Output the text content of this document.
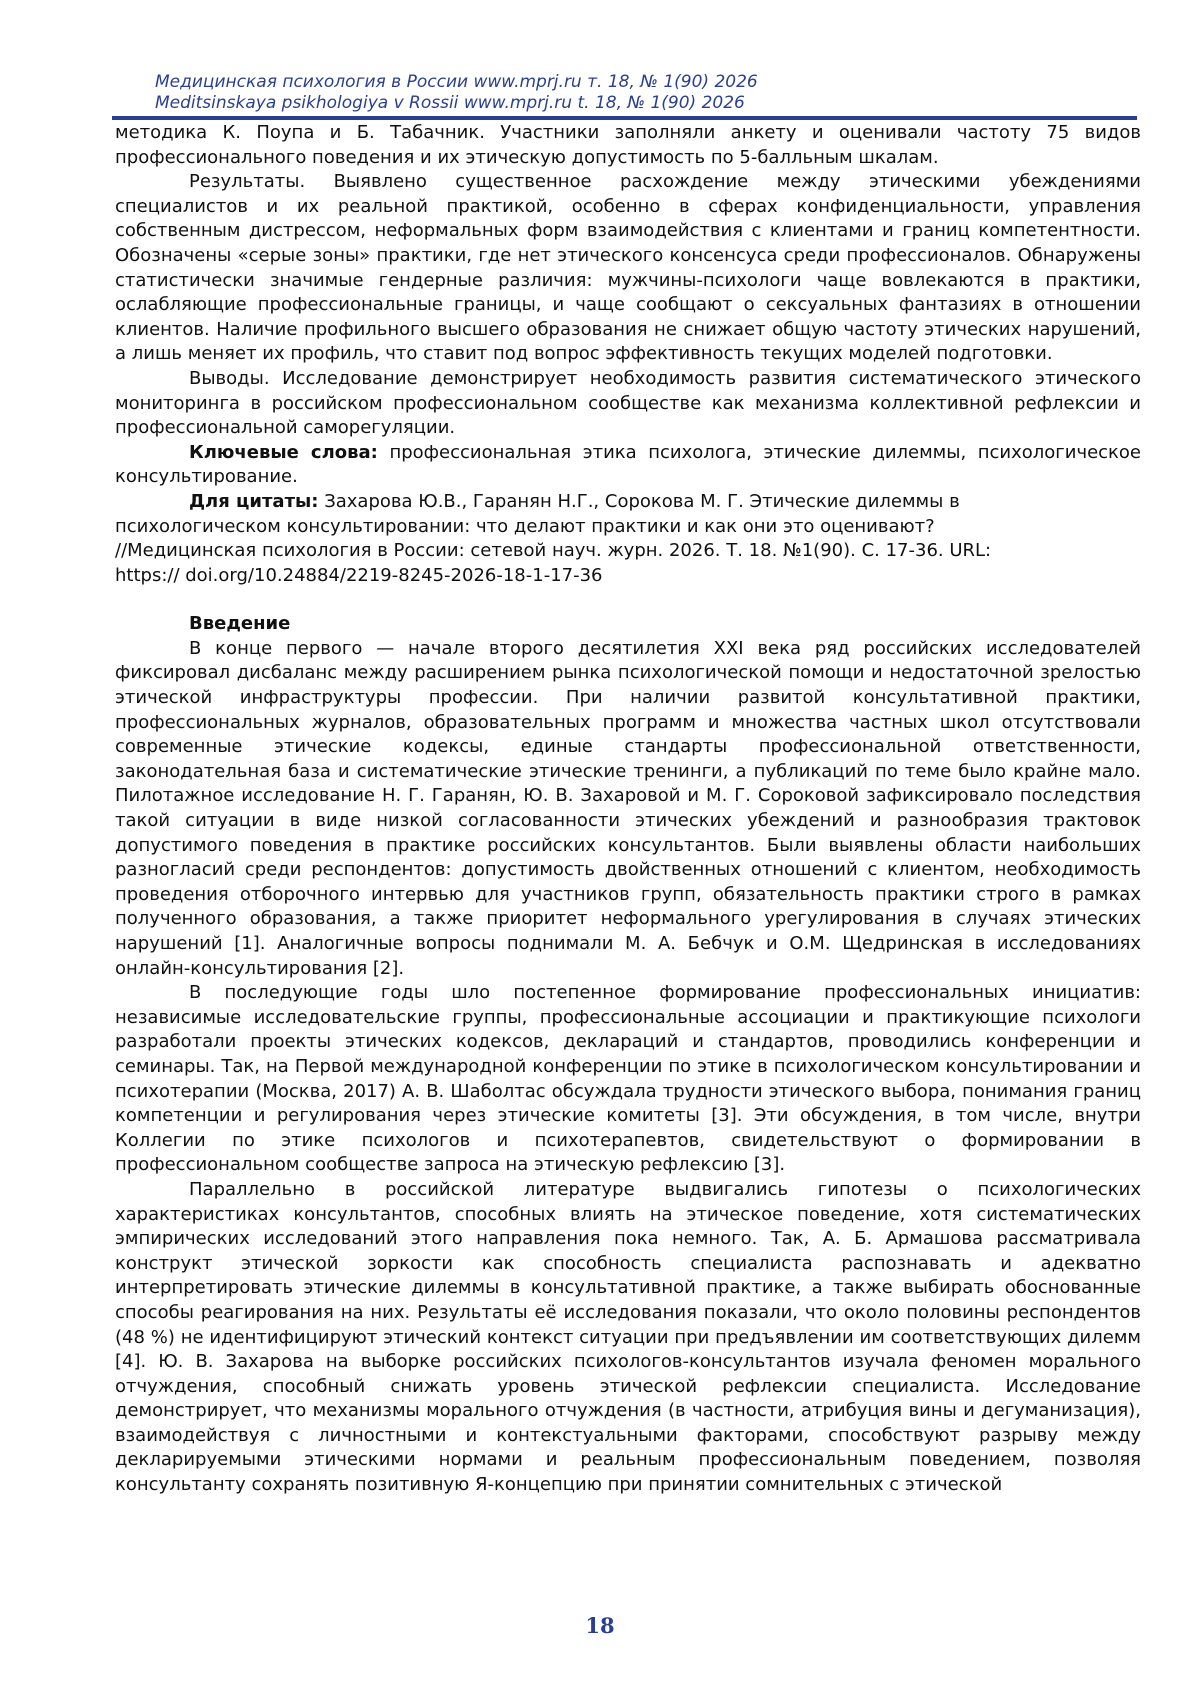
Медицинская психология в России www.mprj.ru т. 18, № 1(90) 2026
Meditsinskaya psikhologiya v Rossii www.mprj.ru t. 18, № 1(90) 2026

методика К. Поупа и Б. Табачник. Участники заполняли анкету и оценивали частоту 75 видов профессионального поведения и их этическую допустимость по 5-балльным шкалам.

Результаты. Выявлено существенное расхождение между этическими убеждениями специалистов и их реальной практикой, особенно в сферах конфиденциальности, управления собственным дистрессом, неформальных форм взаимодействия с клиентами и границ компетентности. Обозначены «серые зоны» практики, где нет этического консенсуса среди профессионалов. Обнаружены статистически значимые гендерные различия: мужчины-психологи чаще вовлекаются в практики, ослабляющие профессиональные границы, и чаще сообщают о сексуальных фантазиях в отношении клиентов. Наличие профильного высшего образования не снижает общую частоту этических нарушений, а лишь меняет их профиль, что ставит под вопрос эффективность текущих моделей подготовки.

Выводы. Исследование демонстрирует необходимость развития систематического этического мониторинга в российском профессиональном сообществе как механизма коллективной рефлексии и профессиональной саморегуляции.

Ключевые слова: профессиональная этика психолога, этические дилеммы, психологическое консультирование.

Для цитаты: Захарова Ю.В., Гаранян Н.Г., Сорокова М. Г. Этические дилеммы в
психологическом консультировании: что делают практики и как они это оценивают?
//Медицинская психология в России: сетевой науч. журн. 2026. Т. 18. №1(90). С. 17-36. URL:
https:// doi.org/10.24884/2219-8245-2026-18-1-17-36

Введение

В конце первого — начале второго десятилетия XXI века ряд российских исследователей фиксировал дисбаланс между расширением рынка психологической помощи и недостаточной зрелостью этической инфраструктуры профессии. При наличии развитой консультативной практики, профессиональных журналов, образовательных программ и множества частных школ отсутствовали современные этические кодексы, единые стандарты профессиональной ответственности, законодательная база и систематические этические тренинги, а публикаций по теме было крайне мало. Пилотажное исследование Н. Г. Гаранян, Ю. В. Захаровой и М. Г. Сороковой зафиксировало последствия такой ситуации в виде низкой согласованности этических убеждений и разнообразия трактовок допустимого поведения в практике российских консультантов. Были выявлены области наибольших разногласий среди респондентов: допустимость двойственных отношений с клиентом, необходимость проведения отборочного интервью для участников групп, обязательность практики строго в рамках полученного образования, а также приоритет неформального урегулирования в случаях этических нарушений [1]. Аналогичные вопросы поднимали М. А. Бебчук и О.М. Щедринская в исследованиях онлайн-консультирования [2].

В последующие годы шло постепенное формирование профессиональных инициатив: независимые исследовательские группы, профессиональные ассоциации и практикующие психологи разработали проекты этических кодексов, деклараций и стандартов, проводились конференции и семинары. Так, на Первой международной конференции по этике в психологическом консультировании и психотерапии (Москва, 2017) А. В. Шаболтас обсуждала трудности этического выбора, понимания границ компетенции и регулирования через этические комитеты [3]. Эти обсуждения, в том числе, внутри Коллегии по этике психологов и психотерапевтов, свидетельствуют о формировании в профессиональном сообществе запроса на этическую рефлексию [3].

Параллельно в российской литературе выдвигались гипотезы о психологических характеристиках консультантов, способных влиять на этическое поведение, хотя систематических эмпирических исследований этого направления пока немного. Так, А. Б. Армашова рассматривала конструкт этической зоркости как способность специалиста распознавать и адекватно интерпретировать этические дилеммы в консультативной практике, а также выбирать обоснованные способы реагирования на них. Результаты её исследования показали, что около половины респондентов (48 %) не идентифицируют этический контекст ситуации при предъявлении им соответствующих дилемм [4]. Ю. В. Захарова на выборке российских психологов-консультантов изучала феномен морального отчуждения, способный снижать уровень этической рефлексии специалиста. Исследование демонстрирует, что механизмы морального отчуждения (в частности, атрибуция вины и дегуманизация), взаимодействуя с личностными и контекстуальными факторами, способствуют разрыву между декларируемыми этическими нормами и реальным профессиональным поведением, позволяя консультанту сохранять позитивную Я-концепцию при принятии сомнительных с этической

18
